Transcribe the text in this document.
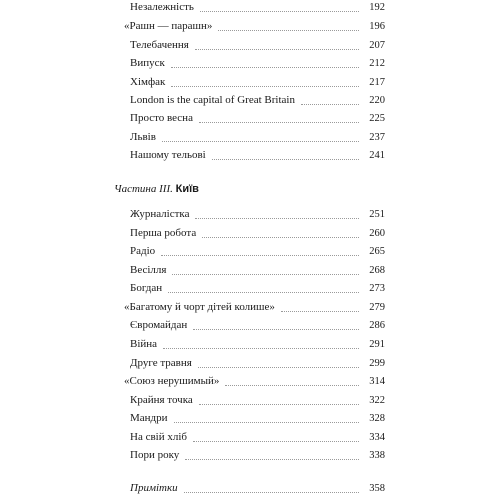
Незалежність	192
«Рашн — парашн»	196
Телебачення	207
Випуск	212
Хімфак	217
London is the capital of Great Britain	220
Просто весна	225
Львів	237
Нашому тельові	241
Частина III. Київ
Журналістка	251
Перша робота	260
Радіо	265
Весілля	268
Богдан	273
«Багатому й чорт дітей колише»	279
Євромайдан	286
Війна	291
Друге травня	299
«Союз нерушимый»	314
Крайня точка	322
Мандри	328
На свій хліб	334
Пори року	338
Примітки	358
